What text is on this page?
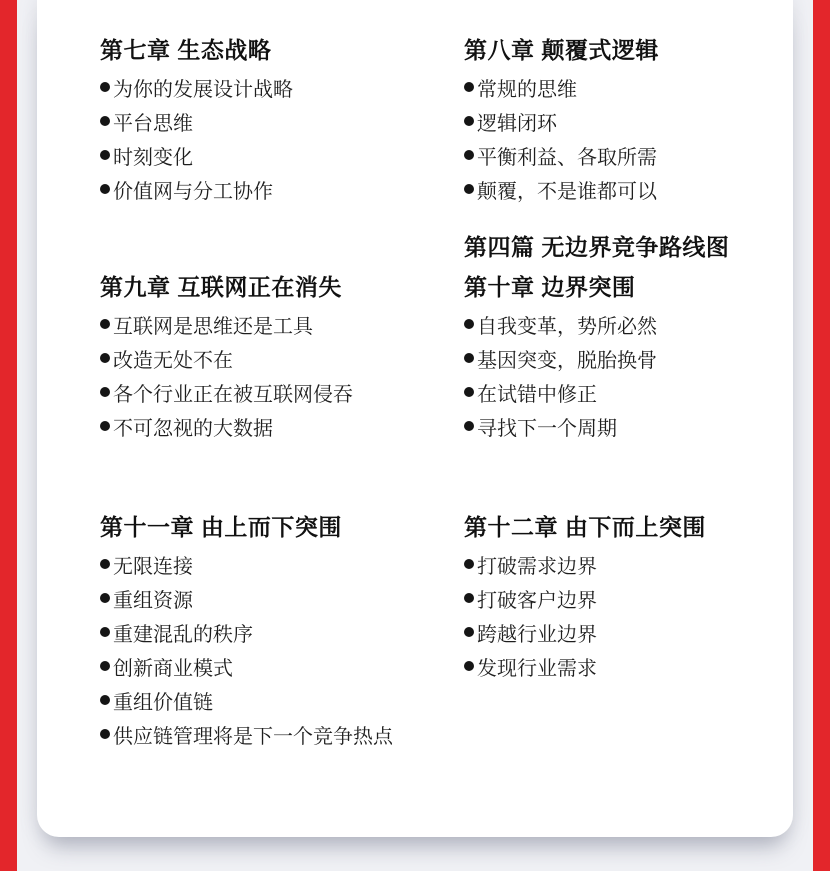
第七章 生态战略
为你的发展设计战略
平台思维
时刻变化
价值网与分工协作
第九章 互联网正在消失
互联网是思维还是工具
改造无处不在
各个行业正在被互联网侵吞
不可忽视的大数据
第十一章 由上而下突围
无限连接
重组资源
重建混乱的秩序
创新商业模式
重组价值链
供应链管理将是下一个竞争热点
第八章 颠覆式逻辑
常规的思维
逻辑闭环
平衡利益、各取所需
颠覆，不是谁都可以
第四篇 无边界竞争路线图
第十章 边界突围
自我变革，势所必然
基因突变，脱胎换骨
在试错中修正
寻找下一个周期
第十二章 由下而上突围
打破需求边界
打破客户边界
跨越行业边界
发现行业需求
